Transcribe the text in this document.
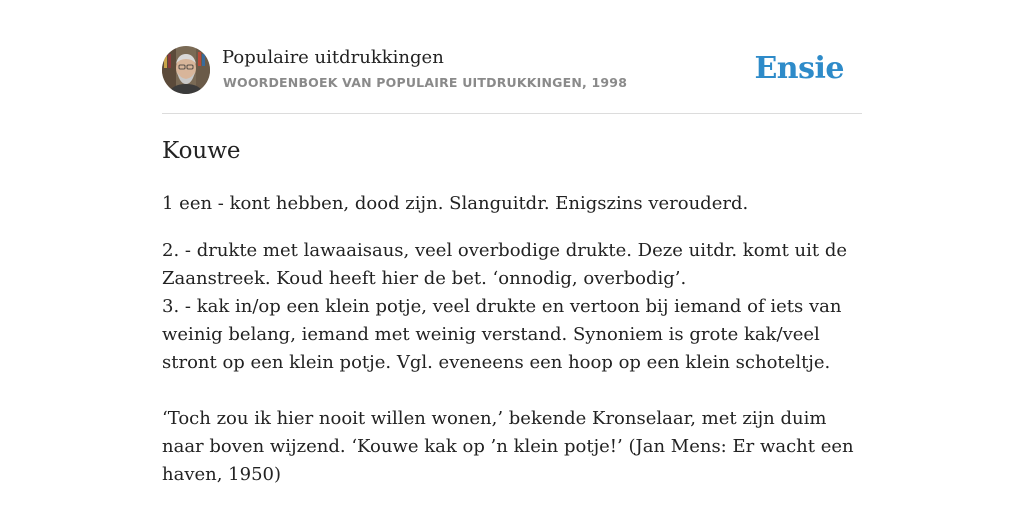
Populaire uitdrukkingen
WOORDENBOEK VAN POPULAIRE UITDRUKKINGEN, 1998	Ensie
Kouwe
1 een - kont hebben, dood zijn. Slanguitdr. Enigszins verouderd.
2. - drukte met lawaaisaus, veel overbodige drukte. Deze uitdr. komt uit de Zaanstreek. Koud heeft hier de bet. ‘onnodig, overbodig’.
3. - kak in/op een klein potje, veel drukte en vertoon bij iemand of iets van weinig belang, iemand met weinig verstand. Synoniem is grote kak/veel stront op een klein potje. Vgl. eveneens een hoop op een klein schoteltje.
‘Toch zou ik hier nooit willen wonen,’ bekende Kronselaar, met zijn duim naar boven wijzend. ‘Kouwe kak op ’n klein potje!’ (Jan Mens: Er wacht een haven, 1950)
